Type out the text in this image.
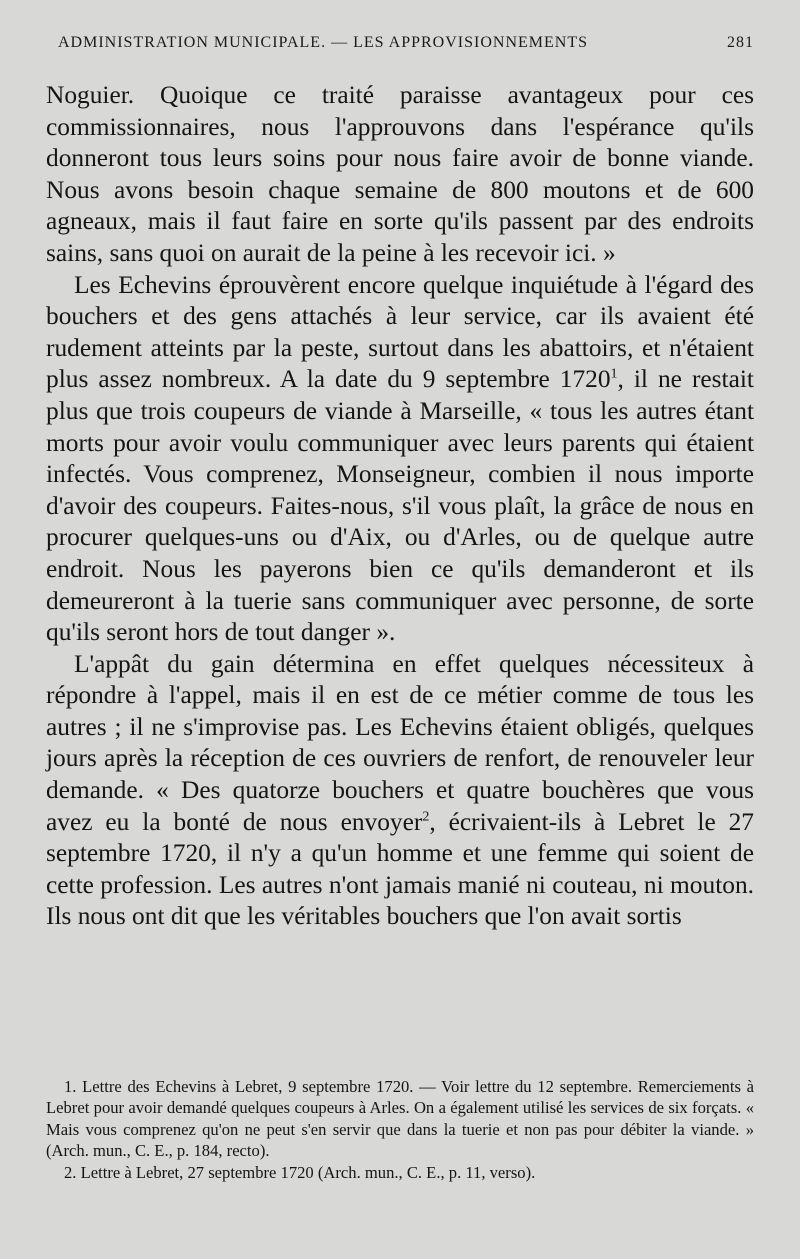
ADMINISTRATION MUNICIPALE. — LES APPROVISIONNEMENTS	281

Noguier. Quoique ce traité paraisse avantageux pour ces commissionnaires, nous l'approuvons dans l'espérance qu'ils donneront tous leurs soins pour nous faire avoir de bonne viande. Nous avons besoin chaque semaine de 800 moutons et de 600 agneaux, mais il faut faire en sorte qu'ils passent par des endroits sains, sans quoi on aurait de la peine à les recevoir ici. »

Les Echevins éprouvèrent encore quelque inquiétude à l'égard des bouchers et des gens attachés à leur service, car ils avaient été rudement atteints par la peste, surtout dans les abattoirs, et n'étaient plus assez nombreux. A la date du 9 septembre 1720$^1$, il ne restait plus que trois coupeurs de viande à Marseille, « tous les autres étant morts pour avoir voulu communiquer avec leurs parents qui étaient infectés. Vous comprenez, Monseigneur, combien il nous importe d'avoir des coupeurs. Faites-nous, s'il vous plaît, la grâce de nous en procurer quelques-uns ou d'Aix, ou d'Arles, ou de quelque autre endroit. Nous les payerons bien ce qu'ils demanderont et ils demeureront à la tuerie sans communiquer avec personne, de sorte qu'ils seront hors de tout danger ».

L'appât du gain détermina en effet quelques nécessiteux à répondre à l'appel, mais il en est de ce métier comme de tous les autres ; il ne s'improvise pas. Les Echevins étaient obligés, quelques jours après la réception de ces ouvriers de renfort, de renouveler leur demande. « Des quatorze bouchers et quatre bouchères que vous avez eu la bonté de nous envoyer$^2$, écrivaient-ils à Lebret le 27 septembre 1720, il n'y a qu'un homme et une femme qui soient de cette profession. Les autres n'ont jamais manié ni couteau, ni mouton. Ils nous ont dit que les véritables bouchers que l'on avait sortis

1. Lettre des Echevins à Lebret, 9 septembre 1720. — Voir lettre du 12 septembre. Remerciements à Lebret pour avoir demandé quelques coupeurs à Arles. On a également utilisé les services de six forçats. « Mais vous comprenez qu'on ne peut s'en servir que dans la tuerie et non pas pour débiter la viande. » (Arch. mun., C. E., p. 184, recto).

2. Lettre à Lebret, 27 septembre 1720 (Arch. mun., C. E., p. 11, verso).
